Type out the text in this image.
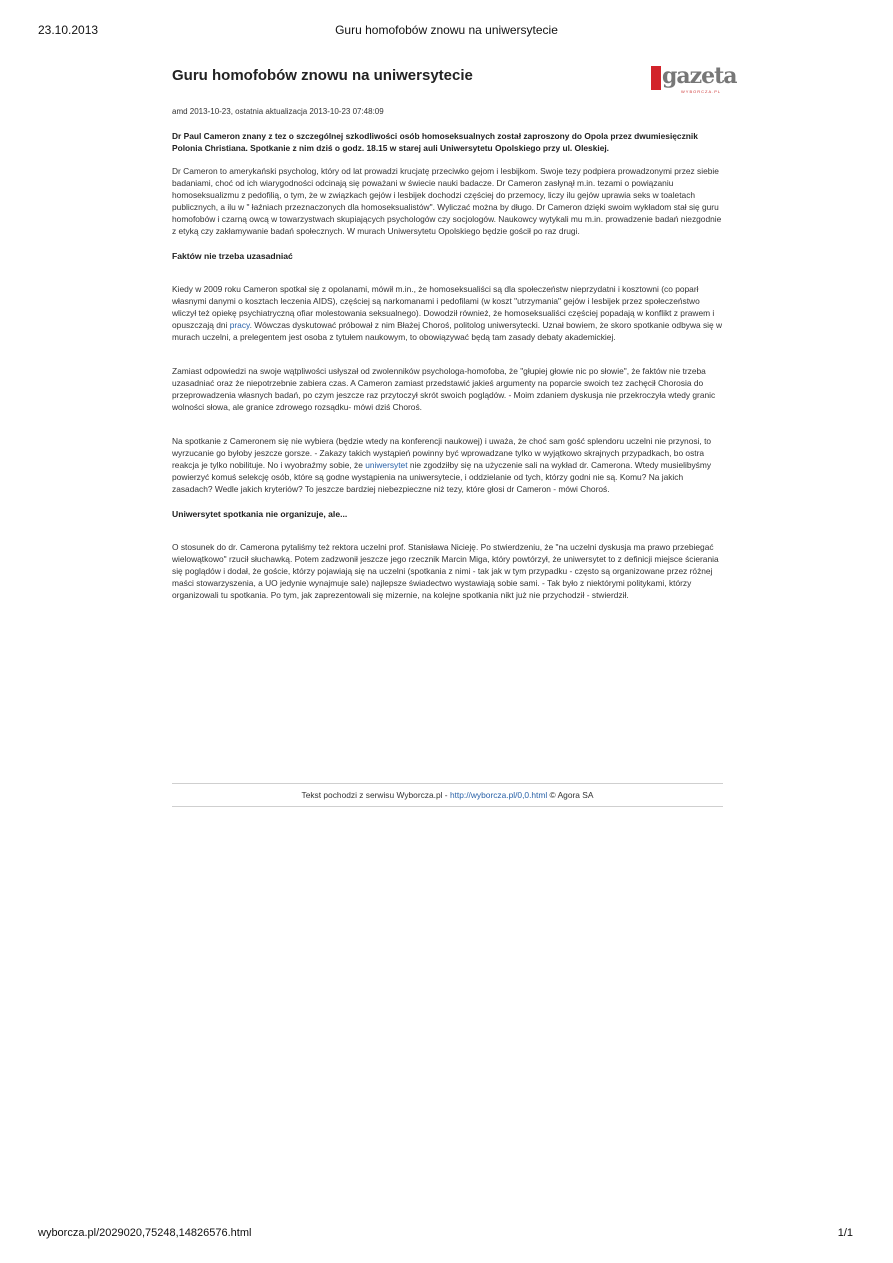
23.10.2013	Guru homofobów znowu na uniwersytecie
Guru homofobów znowu na uniwersytecie	gazeta
WYBORCZA.PL
amd 2013-10-23, ostatnia aktualizacja 2013-10-23 07:48:09

Dr Paul Cameron znany z tez o szczególnej szkodliwości osób homoseksualnych został zaproszony do Opola przez dwumiesięcznik Polonia Christiana. Spotkanie z nim dziś o godz. 18.15 w starej auli Uniwersytetu Opolskiego przy ul. Oleskiej.

Dr Cameron to amerykański psycholog, który od lat prowadzi krucjatę przeciwko gejom i lesbijkom. Swoje tezy podpiera prowadzonymi przez siebie badaniami, choć od ich wiarygodności odcinają się poważani w świecie nauki badacze. Dr Cameron zasłynął m.in. tezami o powiązaniu homoseksualizmu z pedofilią, o tym, że w związkach gejów i lesbijek dochodzi częściej do przemocy, liczy ilu gejów uprawia seks w toaletach publicznych, a ilu w " łaźniach przeznaczonych dla homoseksualistów". Wyliczać można by długo. Dr Cameron dzięki swoim wykładom stał się guru homofobów i czarną owcą w towarzystwach skupiających psychologów czy socjologów. Naukowcy wytykali mu m.in. prowadzenie badań niezgodnie z etyką czy zakłamywanie badań społecznych. W murach Uniwersytetu Opolskiego będzie gościł po raz drugi.

Faktów nie trzeba uzasadniać

Kiedy w 2009 roku Cameron spotkał się z opolanami, mówił m.in., że homoseksualiści są dla społeczeństw nieprzydatni i kosztowni (co poparł własnymi danymi o kosztach leczenia AIDS), częściej są narkomanami i pedofilami (w koszt "utrzymania" gejów i lesbijek przez społeczeństwo wliczył też opiekę psychiatryczną ofiar molestowania seksualnego). Dowodził również, że homoseksualiści częściej popadają w konflikt z prawem i opuszczają dni pracy. Wówczas dyskutować próbował z nim Błażej Choroś, politolog uniwersytecki. Uznał bowiem, że skoro spotkanie odbywa się w murach uczelni, a prelegentem jest osoba z tytułem naukowym, to obowiązywać będą tam zasady debaty akademickiej.

Zamiast odpowiedzi na swoje wątpliwości usłyszał od zwolenników psychologa-homofoba, że "głupiej głowie nic po słowie", że faktów nie trzeba uzasadniać oraz że niepotrzebnie zabiera czas. A Cameron zamiast przedstawić jakieś argumenty na poparcie swoich tez zachęcił Chorosia do przeprowadzenia własnych badań, po czym jeszcze raz przytoczył skrót swoich poglądów. - Moim zdaniem dyskusja nie przekroczyła wtedy granic wolności słowa, ale granice zdrowego rozsądku- mówi dziś Choroś.

Na spotkanie z Cameronem się nie wybiera (będzie wtedy na konferencji naukowej) i uważa, że choć sam gość splendoru uczelni nie przynosi, to wyrzucanie go byłoby jeszcze gorsze. - Zakazy takich wystąpień powinny być wprowadzane tylko w wyjątkowo skrajnych przypadkach, bo ostra reakcja je tylko nobilituje. No i wyobraźmy sobie, że uniwersytet nie zgodziłby się na użyczenie sali na wykład dr. Camerona. Wtedy musielibyśmy powierzyć komuś selekcję osób, które są godne wystąpienia na uniwersytecie, i oddzielanie od tych, którzy godni nie są. Komu? Na jakich zasadach? Wedle jakich kryteriów? To jeszcze bardziej niebezpieczne niż tezy, które głosi dr Cameron - mówi Choroś.

Uniwersytet spotkania nie organizuje, ale...

O stosunek do dr. Camerona pytaliśmy też rektora uczelni prof. Stanisława Nicieję. Po stwierdzeniu, że "na uczelni dyskusja ma prawo przebiegać wielowątkowo" rzucił słuchawką. Potem zadzwonił jeszcze jego rzecznik Marcin Miga, który powtórzył, że uniwersytet to z definicji miejsce ścierania się poglądów i dodał, że goście, którzy pojawiają się na uczelni (spotkania z nimi - tak jak w tym przypadku - często są organizowane przez różnej maści stowarzyszenia, a UO jedynie wynajmuje sale) najlepsze świadectwo wystawiają sobie sami. - Tak było z niektórymi politykami, którzy organizowali tu spotkania. Po tym, jak zaprezentowali się mizernie, na kolejne spotkania nikt już nie przychodził - stwierdził.

Tekst pochodzi z serwisu Wyborcza.pl - http://wyborcza.pl/0,0.html © Agora SA
wyborcza.pl/2029020,75248,14826576.html	1/1
